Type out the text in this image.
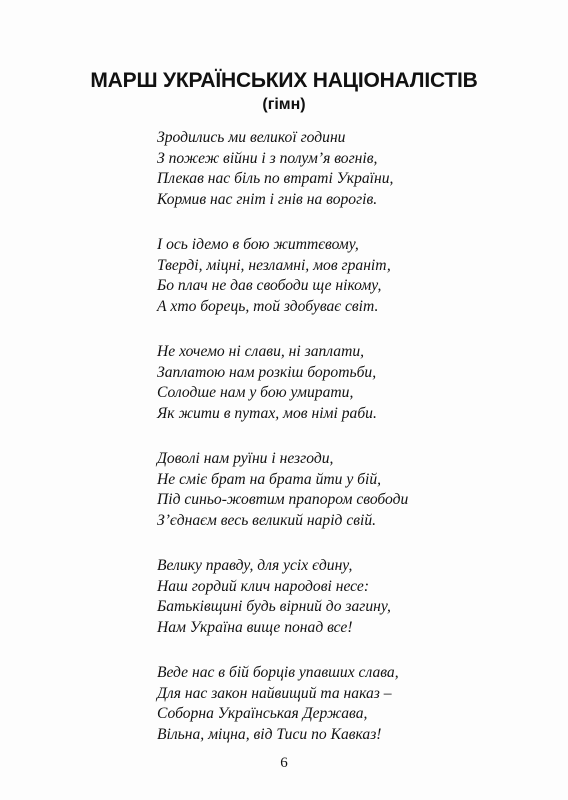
МАРШ УКРАЇНСЬКИХ НАЦІОНАЛІСТІВ
(гімн)
Зродились ми великої години
З пожеж війни і з полум’я вогнів,
Плекав нас біль по втраті України,
Кормив нас гніт і гнів на ворогів.
І ось ідемо в бою життєвому,
Тверді, міцні, незламні, мов граніт,
Бо плач не дав свободи ще нікому,
А хто борець, той здобуває світ.
Не хочемо ні слави, ні заплати,
Заплатою нам розкіш боротьби,
Солодше нам у бою умирати,
Як жити в путах, мов німі раби.
Доволі нам руїни і незгоди,
Не сміє брат на брата йти у бій,
Під синьо-жовтим прапором свободи
З’єднаєм весь великий нарід свій.
Велику правду, для усіх єдину,
Наш гордий клич народові несе:
Батьківщині будь вірний до загину,
Нам Україна вище понад все!
Веде нас в бій борців упавших слава,
Для нас закон найвищий та наказ –
Соборна Українськая Держава,
Вільна, міцна, від Тиси по Кавказ!
6
